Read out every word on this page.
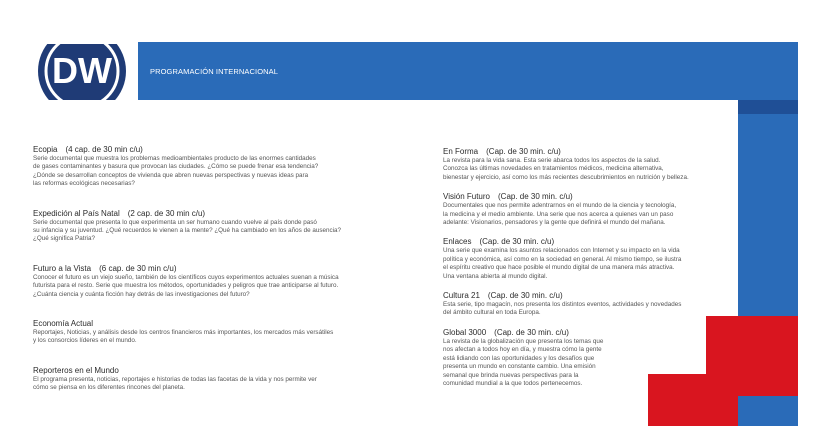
DW	PROGRAMACIÓN INTERNACIONAL
Ecopia (4 cap. de 30 min c/u)
Serie documental que muestra los problemas medioambientales producto de las enormes cantidades
de gases contaminantes y basura que provocan las ciudades. ¿Cómo se puede frenar esa tendencia?
¿Dónde se desarrollan conceptos de vivienda que abren nuevas perspectivas y nuevas ideas para
las reformas ecológicas necesarias?
Expedición al País Natal (2 cap. de 30 min c/u)
Serie documental que presenta lo que experimenta un ser humano cuando vuelve al país donde pasó
su infancia y su juventud. ¿Qué recuerdos le vienen a la mente? ¿Qué ha cambiado en los años de ausencia?
¿Qué significa Patria?
Futuro a la Vista (6 cap. de 30 min c/u)
Conocer el futuro es un viejo sueño, también de los científicos cuyos experimentos actuales suenan a música
futurista para el resto. Serie que muestra los métodos, oportunidades y peligros que trae anticiparse al futuro.
¿Cuánta ciencia y cuánta ficción hay detrás de las investigaciones del futuro?
Economía Actual
Reportajes, Noticias, y análisis desde los centros financieros más importantes, los mercados más versátiles
y los consorcios líderes en el mundo.
Reporteros en el Mundo
El programa presenta, noticias, reportajes e historias de todas las facetas de la vida y nos permite ver
cómo se piensa en los diferentes rincones del planeta.
En Forma (Cap. de 30 min. c/u)
La revista para la vida sana. Esta serie abarca todos los aspectos de la salud.
Conozca las últimas novedades en tratamientos médicos, medicina alternativa,
bienestar y ejercicio, así como los más recientes descubrimientos en nutrición y belleza.
Visión Futuro (Cap. de 30 min. c/u)
Documentales que nos permite adentrarnos en el mundo de la ciencia y tecnología,
la medicina y el medio ambiente. Una serie que nos acerca a quienes van un paso
adelante: Visionarios, pensadores y la gente que definirá el mundo del mañana.
Enlaces (Cap. de 30 min. c/u)
Una serie que examina los asuntos relacionados con Internet y su impacto en la vida
política y económica, así como en la sociedad en general. Al mismo tiempo, se ilustra
el espíritu creativo que hace posible el mundo digital de una manera más atractiva.
Una ventana abierta al mundo digital.
Cultura 21 (Cap. de 30 min. c/u)
Esta serie, tipo magacín, nos presenta los distintos eventos, actividades y novedades
del ámbito cultural en toda Europa.
Global 3000 (Cap. de 30 min. c/u)
La revista de la globalización que presenta los temas que
nos afectan a todos hoy en día, y muestra cómo la gente
está lidiando con las oportunidades y los desafíos que
presenta un mundo en constante cambio. Una emisión
semanal que brinda nuevas perspectivas para la
comunidad mundial a la que todos pertenecemos.
